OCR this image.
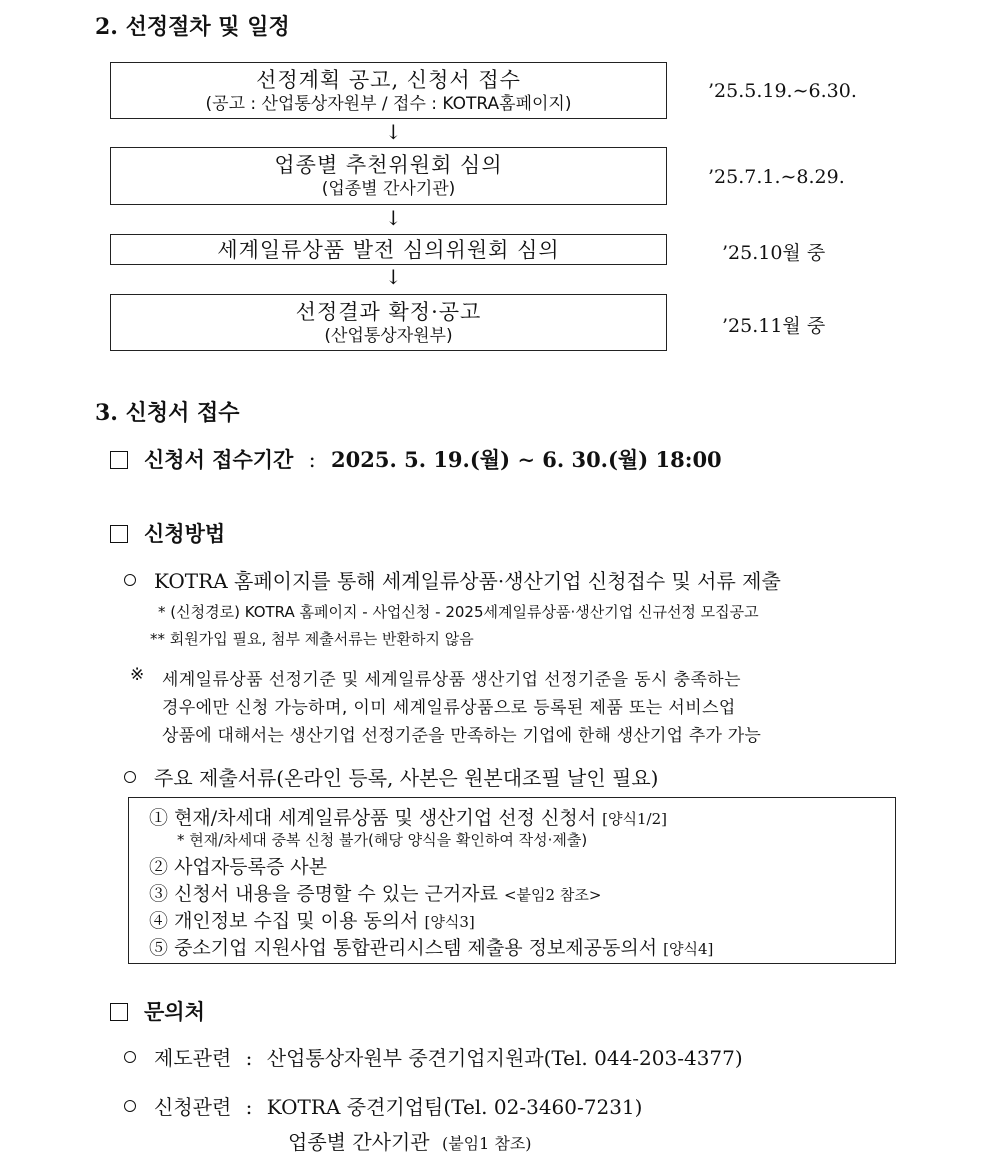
2. 선정절차 및 일정
선정계획 공고, 신청서 접수
(공고 : 산업통상자원부 / 접수 : KOTRA홈페이지)
’25.5.19.∼6.30.
↓
업종별 추천위원회 심의
(업종별 간사기관)
’25.7.1.∼8.29.
↓
세계일류상품 발전 심의위원회 심의	’25.10월 중
↓
선정결과 확정·공고
(산업통상자원부)	’25.11월 중
3. 신청서 접수
신청서 접수기간 : 2025. 5. 19.(월) ∼ 6. 30.(월) 18:00
신청방법
KOTRA 홈페이지를 통해 세계일류상품·생산기업 신청접수 및 서류 제출
* (신청경로) KOTRA 홈페이지 - 사업신청 - 2025세계일류상품·생산기업 신규선정 모집공고
** 회원가입 필요, 첨부 제출서류는 반환하지 않음
※ 세계일류상품 선정기준 및 세계일류상품 생산기업 선정기준을 동시 충족하는
경우에만 신청 가능하며, 이미 세계일류상품으로 등록된 제품 또는 서비스업
상품에 대해서는 생산기업 선정기준을 만족하는 기업에 한해 생산기업 추가 가능
주요 제출서류(온라인 등록, 사본은 원본대조필 날인 필요)
① 현재/차세대 세계일류상품 및 생산기업 선정 신청서 [양식1/2]
* 현재/차세대 중복 신청 불가(해당 양식을 확인하여 작성·제출)
② 사업자등록증 사본
③ 신청서 내용을 증명할 수 있는 근거자료 <붙임2 참조>
④ 개인정보 수집 및 이용 동의서 [양식3]
⑤ 중소기업 지원사업 통합관리시스템 제출용 정보제공동의서 [양식4]
문의처
제도관련 : 산업통상자원부 중견기업지원과(Tel. 044-203-4377)
신청관련 : KOTRA 중견기업팀(Tel. 02-3460-7231)
업종별 간사기관 (붙임1 참조)
